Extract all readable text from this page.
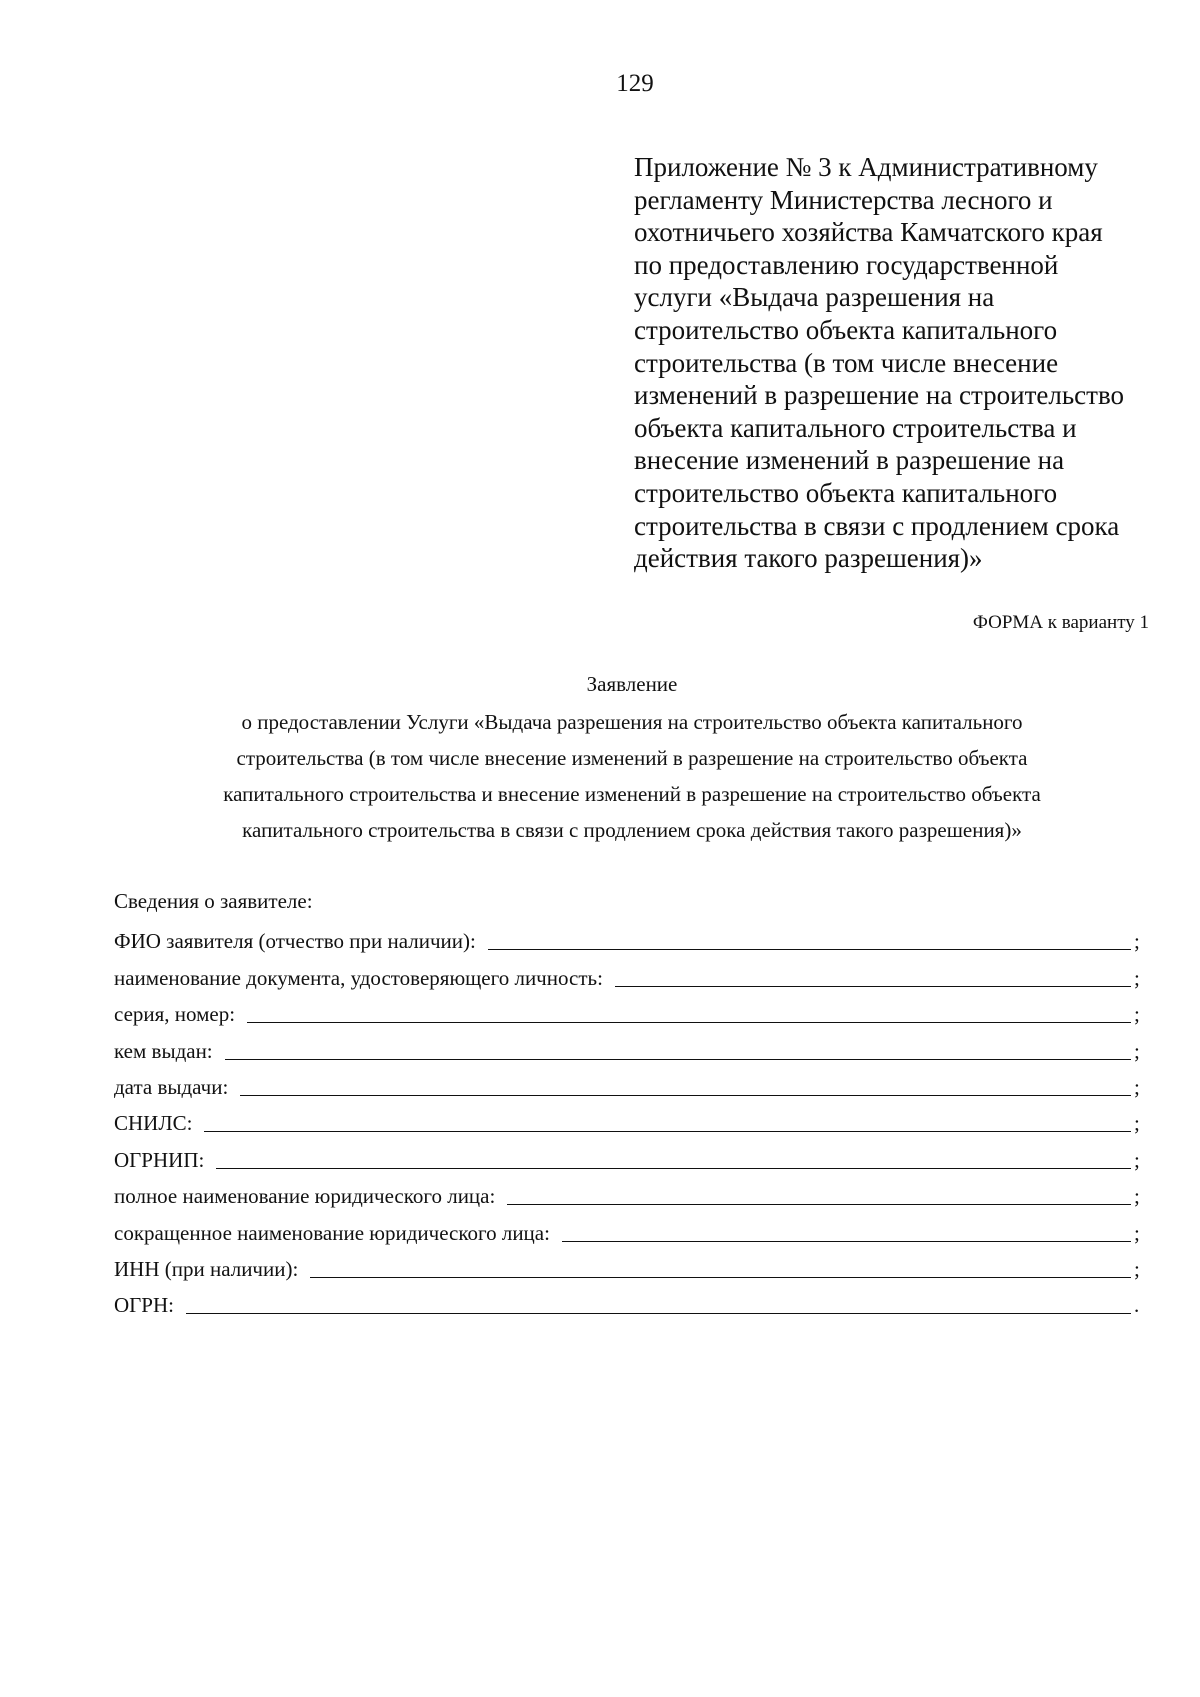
129
Приложение № 3 к Административному
регламенту Министерства лесного и
охотничьего хозяйства Камчатского края
по предоставлению государственной
услуги «Выдача разрешения на
строительство объекта капитального
строительства (в том числе внесение
изменений в разрешение на строительство
объекта капитального строительства и
внесение изменений в разрешение на
строительство объекта капитального
строительства в связи с продлением срока
действия такого разрешения)»
ФОРМА к варианту 1
Заявление
о предоставлении Услуги «Выдача разрешения на строительство объекта капитального
строительства (в том числе внесение изменений в разрешение на строительство объекта
капитального строительства и внесение изменений в разрешение на строительство объекта
капитального строительства в связи с продлением срока действия такого разрешения)»
Сведения о заявителе:
ФИО заявителя (отчество при наличии):	;
наименование документа, удостоверяющего личность:	;
серия, номер:	;
кем выдан:	;
дата выдачи:	;
СНИЛС:	;
ОГРНИП:	;
полное наименование юридического лица:	;
сокращенное наименование юридического лица:	;
ИНН (при наличии):	;
ОГРН:	.
